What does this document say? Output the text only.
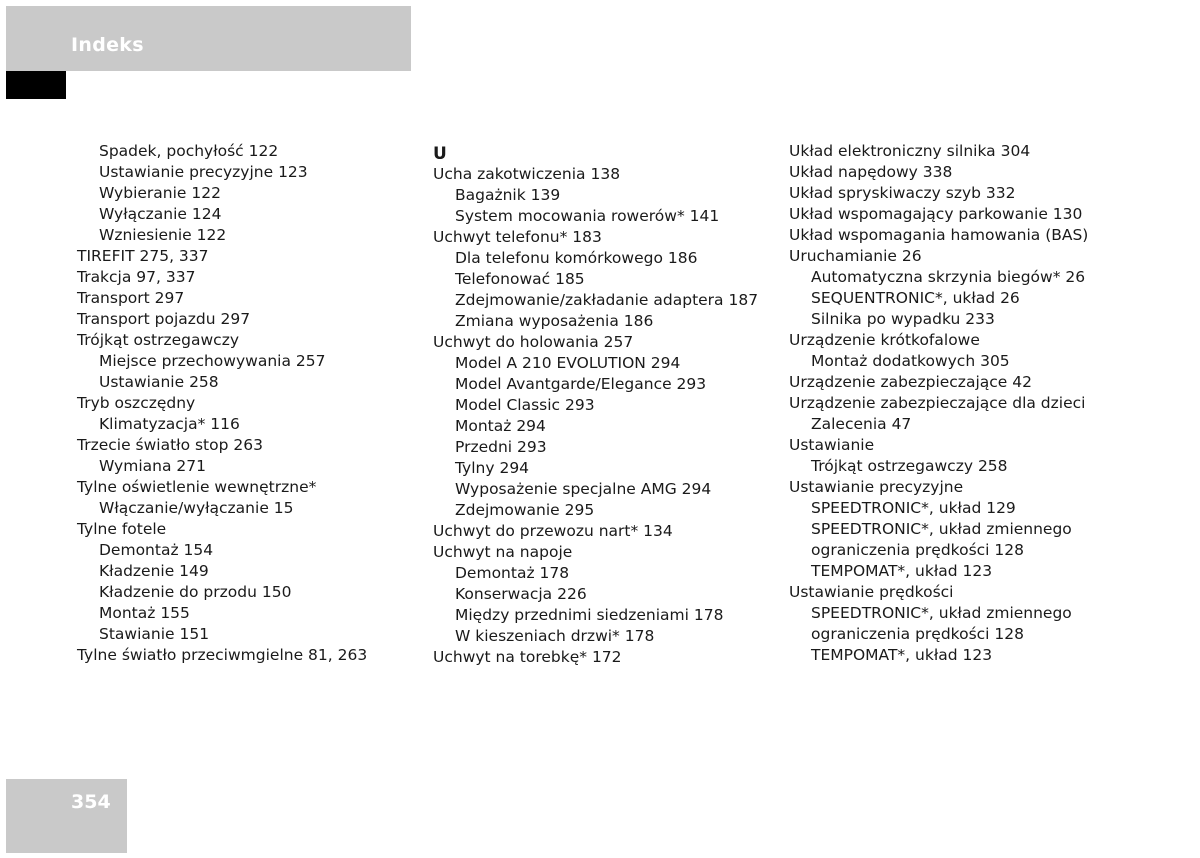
Indeks
Spadek, pochyłość 122
Ustawianie precyzyjne 123
Wybieranie 122
Wyłączanie 124
Wzniesienie 122
TIREFIT 275, 337
Trakcja 97, 337
Transport 297
Transport pojazdu 297
Trójkąt ostrzegawczy
Miejsce przechowywania 257
Ustawianie 258
Tryb oszczędny
Klimatyzacja* 116
Trzecie światło stop 263
Wymiana 271
Tylne oświetlenie wewnętrzne*
Włączanie/wyłączanie 15
Tylne fotele
Demontaż 154
Kładzenie 149
Kładzenie do przodu 150
Montaż 155
Stawianie 151
Tylne światło przeciwmgielne 81, 263
U
Ucha zakotwiczenia 138
Bagażnik 139
System mocowania rowerów* 141
Uchwyt telefonu* 183
Dla telefonu komórkowego 186
Telefonować 185
Zdejmowanie/zakładanie adaptera 187
Zmiana wyposażenia 186
Uchwyt do holowania 257
Model A 210 EVOLUTION 294
Model Avantgarde/Elegance 293
Model Classic 293
Montaż 294
Przedni 293
Tylny 294
Wyposażenie specjalne AMG 294
Zdejmowanie 295
Uchwyt do przewozu nart* 134
Uchwyt na napoje
Demontaż 178
Konserwacja 226
Między przednimi siedzeniami 178
W kieszeniach drzwi* 178
Uchwyt na torebkę* 172
Układ elektroniczny silnika 304
Układ napędowy 338
Układ spryskiwaczy szyb 332
Układ wspomagający parkowanie 130
Układ wspomagania hamowania (BAS)
Uruchamianie 26
Automatyczna skrzynia biegów* 26
SEQUENTRONIC*, układ 26
Silnika po wypadku 233
Urządzenie krótkofalowe
Montaż dodatkowych 305
Urządzenie zabezpieczające 42
Urządzenie zabezpieczające dla dzieci
Zalecenia 47
Ustawianie
Trójkąt ostrzegawczy 258
Ustawianie precyzyjne
SPEEDTRONIC*, układ 129
SPEEDTRONIC*, układ zmiennego
ograniczenia prędkości 128
TEMPOMAT*, układ 123
Ustawianie prędkości
SPEEDTRONIC*, układ zmiennego
ograniczenia prędkości 128
TEMPOMAT*, układ 123
354
